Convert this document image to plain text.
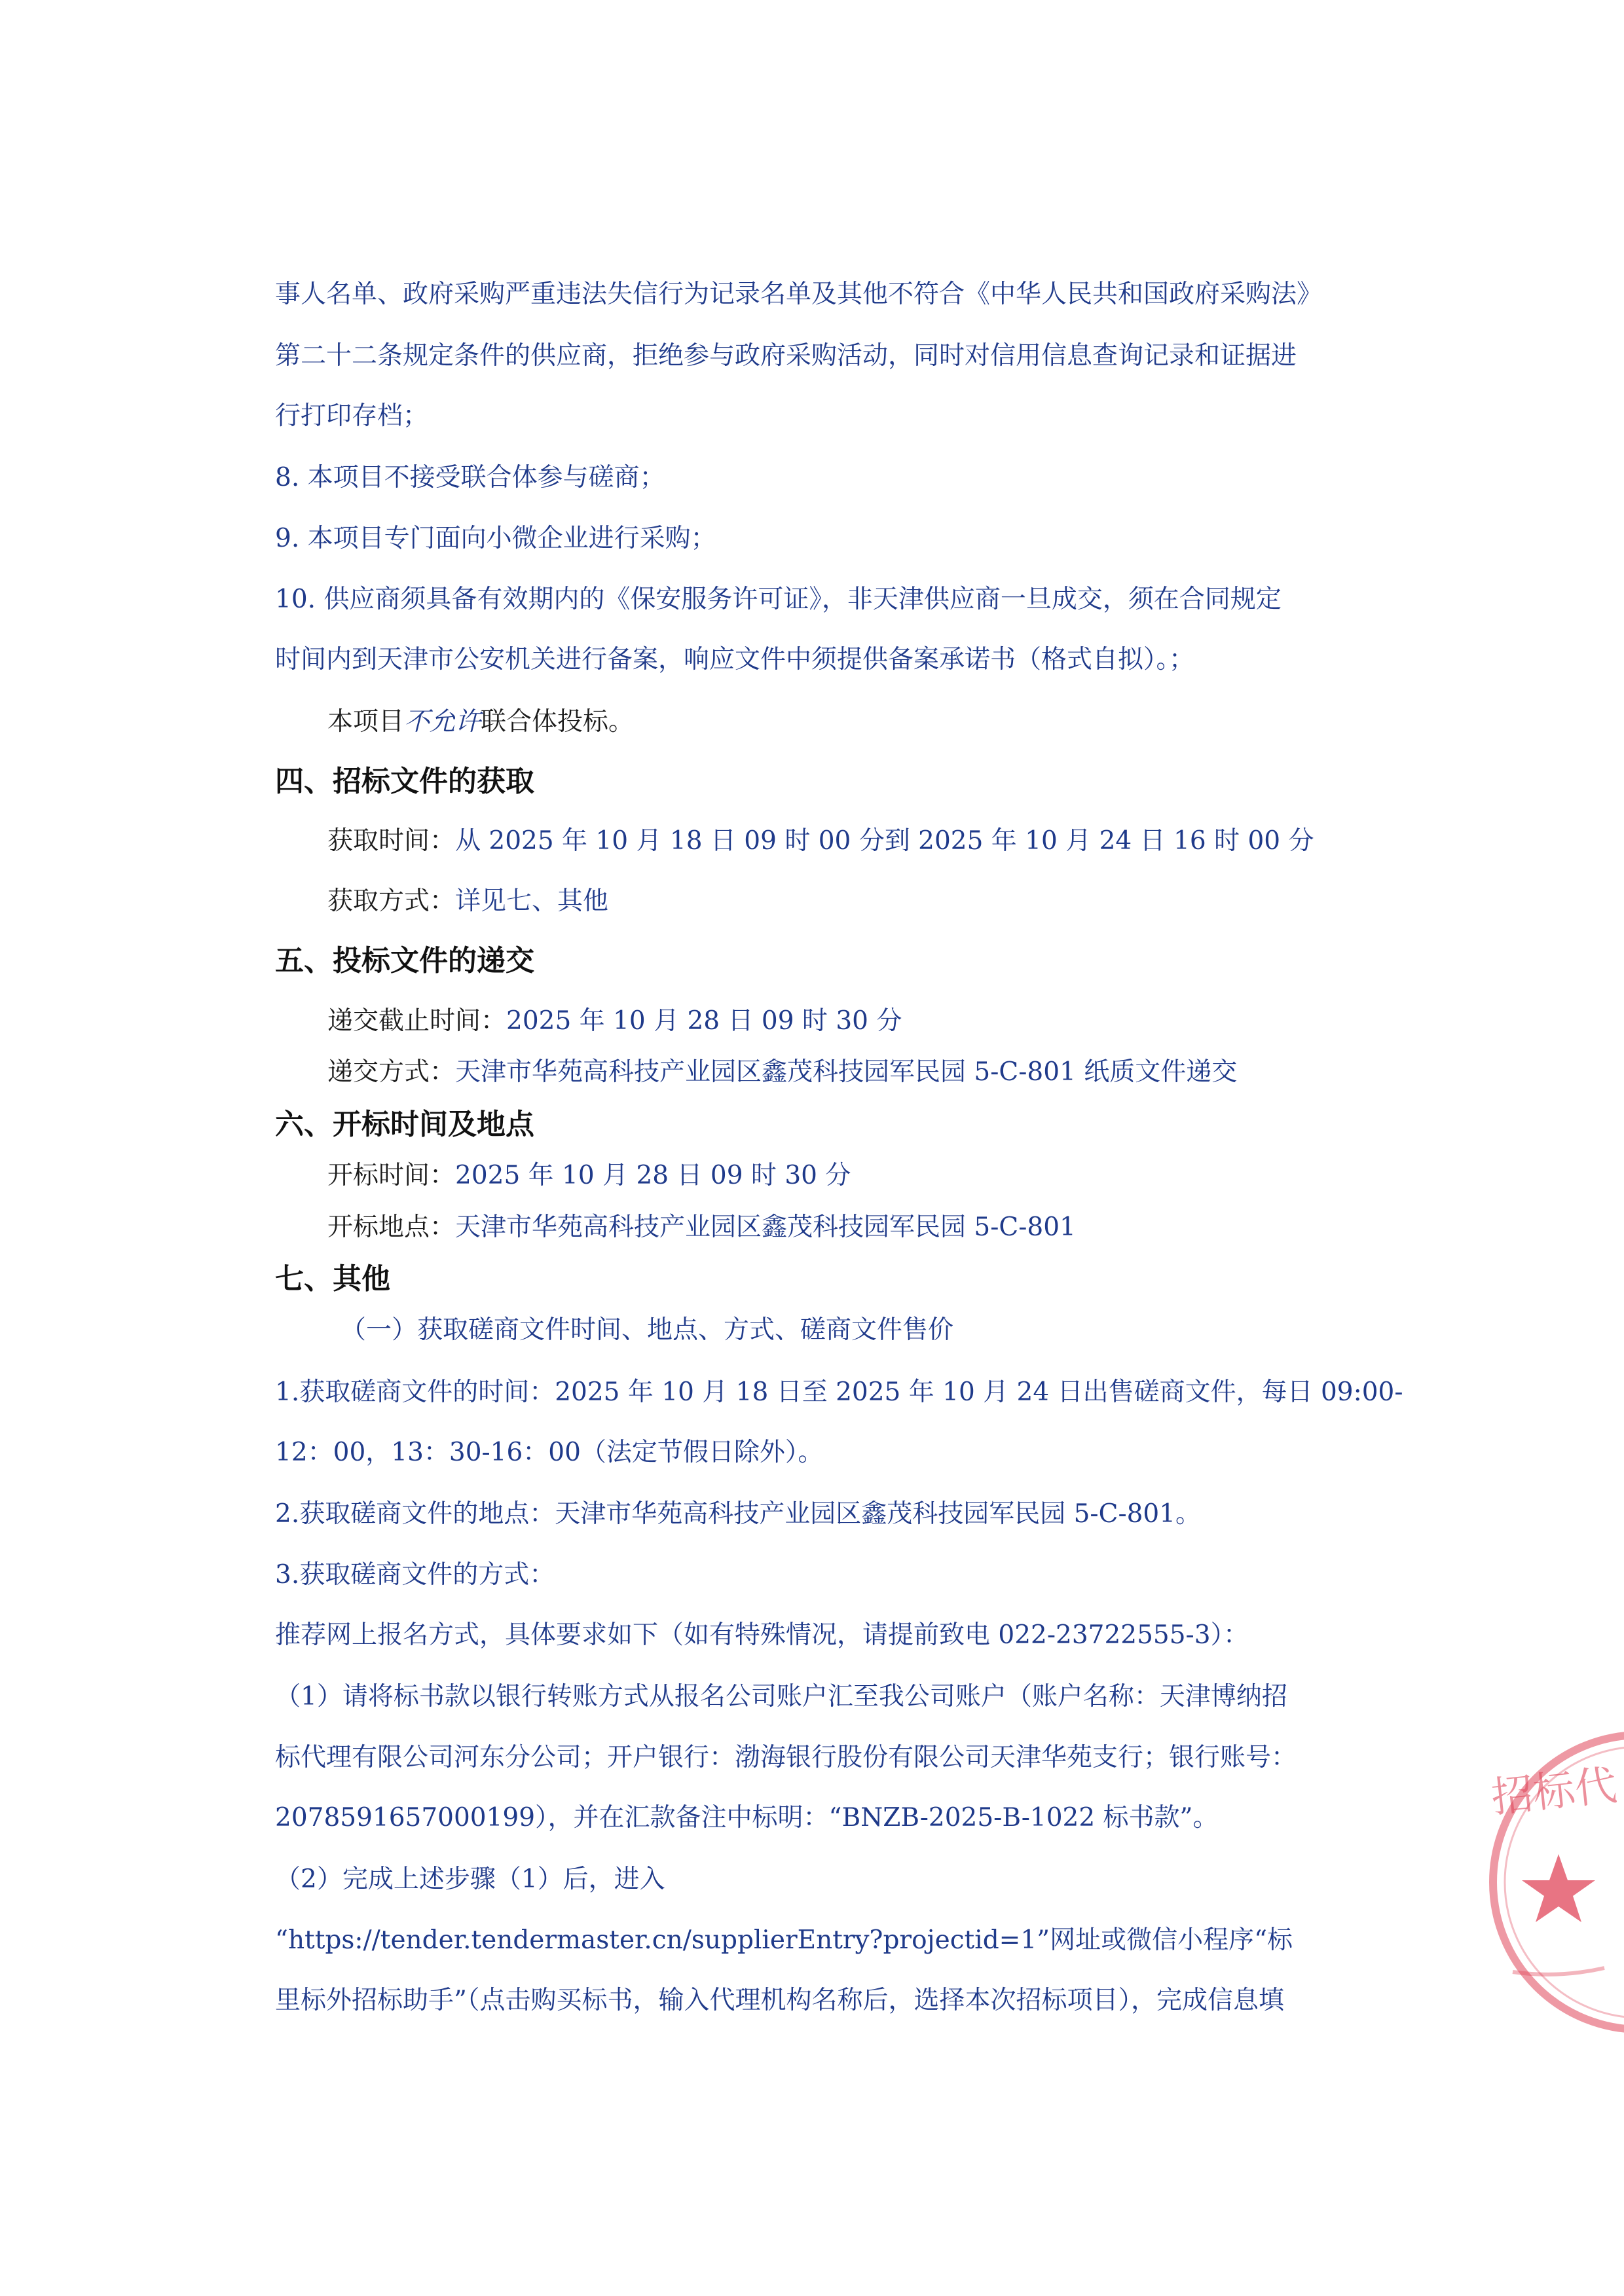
事人名单、政府采购严重违法失信行为记录名单及其他不符合《中华人民共和国政府采购法》
第二十二条规定条件的供应商，拒绝参与政府采购活动，同时对信用信息查询记录和证据进
行打印存档；
8. 本项目不接受联合体参与磋商；
9. 本项目专门面向小微企业进行采购；
10. 供应商须具备有效期内的《保安服务许可证》，非天津供应商一旦成交，须在合同规定
时间内到天津市公安机关进行备案，响应文件中须提供备案承诺书（格式自拟）。；
本项目不允许联合体投标。
四、招标文件的获取
获取时间：从 2025 年 10 月 18 日 09 时 00 分到 2025 年 10 月 24 日 16 时 00 分
获取方式：详见七、其他
五、投标文件的递交
递交截止时间：2025 年 10 月 28 日 09 时 30 分
递交方式：天津市华苑高科技产业园区鑫茂科技园军民园 5-C-801 纸质文件递交
六、开标时间及地点
开标时间：2025 年 10 月 28 日 09 时 30 分
开标地点：天津市华苑高科技产业园区鑫茂科技园军民园 5-C-801
七、其他
（一）获取磋商文件时间、地点、方式、磋商文件售价
1.获取磋商文件的时间：2025 年 10 月 18 日至 2025 年 10 月 24 日出售磋商文件，每日 09:00-
12：00，13：30-16：00（法定节假日除外）。
2.获取磋商文件的地点：天津市华苑高科技产业园区鑫茂科技园军民园 5-C-801。
3.获取磋商文件的方式：
推荐网上报名方式，具体要求如下（如有特殊情况，请提前致电 022-23722555-3）：
（1）请将标书款以银行转账方式从报名公司账户汇至我公司账户（账户名称：天津博纳招
标代理有限公司河东分公司；开户银行：渤海银行股份有限公司天津华苑支行；银行账号：
2078591657000199），并在汇款备注中标明：“BNZB-2025-B-1022 标书款”。
（2）完成上述步骤（1）后，进入
“https://tender.tendermaster.cn/supplierEntry?projectid=1”网址或微信小程序“标
里标外招标助手”（点击购买标书，输入代理机构名称后，选择本次招标项目），完成信息填
招标代
